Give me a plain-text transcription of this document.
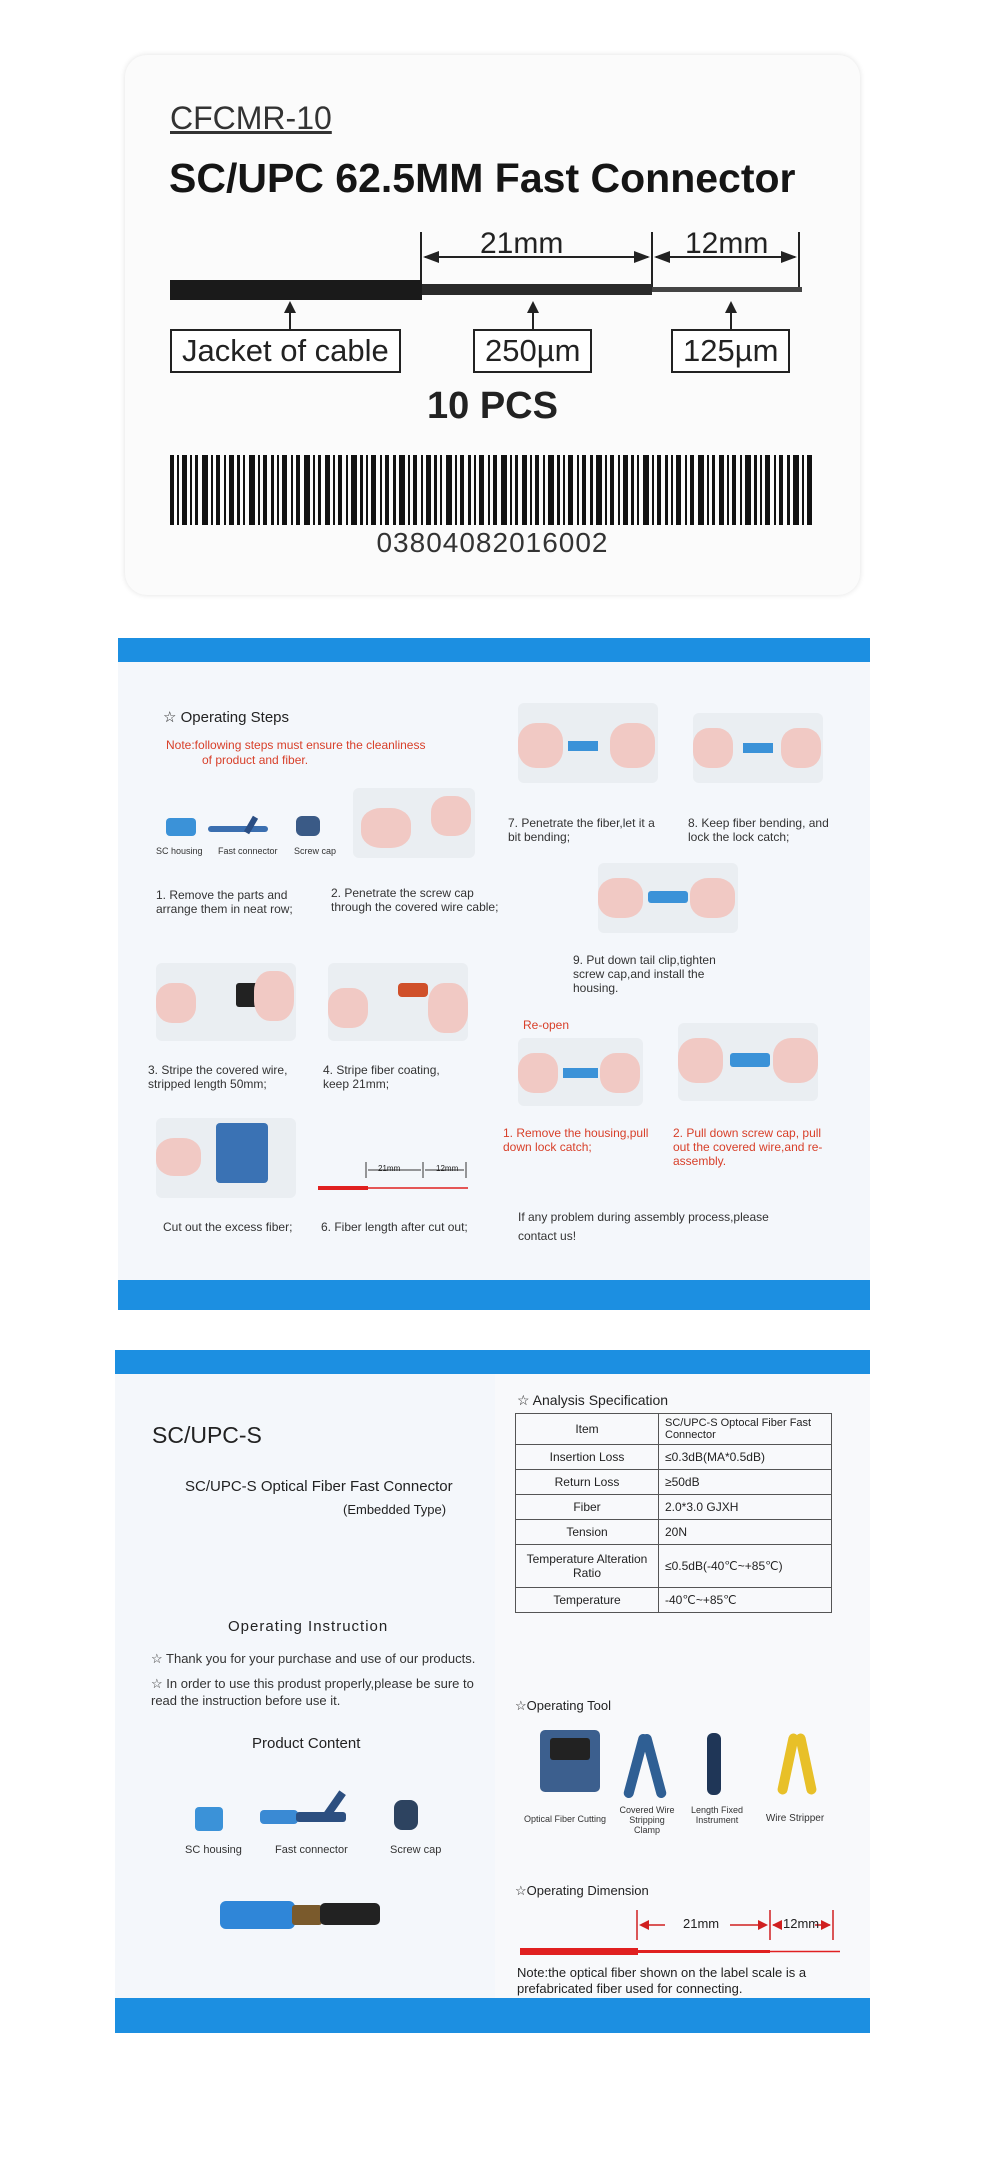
CFCMR-10
SC/UPC 62.5MM Fast Connector
21mm	12mm
Jacket of cable	250µm	125µm
10 PCS
03804082016002
☆ Operating Steps
Note:following steps must ensure the cleanliness
of product and fiber.
SC housing Fast connector Screw cap
1. Remove the parts and arrange them in neat row;
2. Penetrate the screw cap through the covered wire cable;
3. Stripe the covered wire, stripped length 50mm;
4. Stripe fiber coating, keep 21mm;
21mm	12mm
Cut out the excess fiber; 6. Fiber length after cut out;
7. Penetrate the fiber,let it a bit bending;
8. Keep fiber bending, and lock the lock catch;
9. Put down tail clip,tighten screw cap,and install the housing.
Re-open
1. Remove the housing,pull down lock catch;
2. Pull down screw cap, pull out the covered wire,and re-assembly.
If any problem during assembly process,please contact us!
SC/UPC-S
SC/UPC-S Optical Fiber Fast Connector
(Embedded Type)
Operating Instruction
☆ Thank you for your purchase and use of our products.
☆ In order to use this produst properly,please be sure to read the instruction before use it.
Product Content
SC housing	Fast connector	Screw cap
☆ Analysis Specification
Item	SC/UPC-S Optocal Fiber Fast Connector
Insertion Loss	≤0.3dB(MA*0.5dB)
Return Loss	≥50dB
Fiber	2.0*3.0 GJXH
Tension	20N
Temperature Alteration Ratio	≤0.5dB(-40℃~+85℃)
Temperature	-40℃~+85℃
☆Operating Tool
Optical Fiber Cutting
Covered Wire Stripping Clamp
Length Fixed Instrument	Wire Stripper
☆Operating Dimension
21mm	12mm
Note:the optical fiber shown on the label scale is a prefabricated fiber used for connecting.
